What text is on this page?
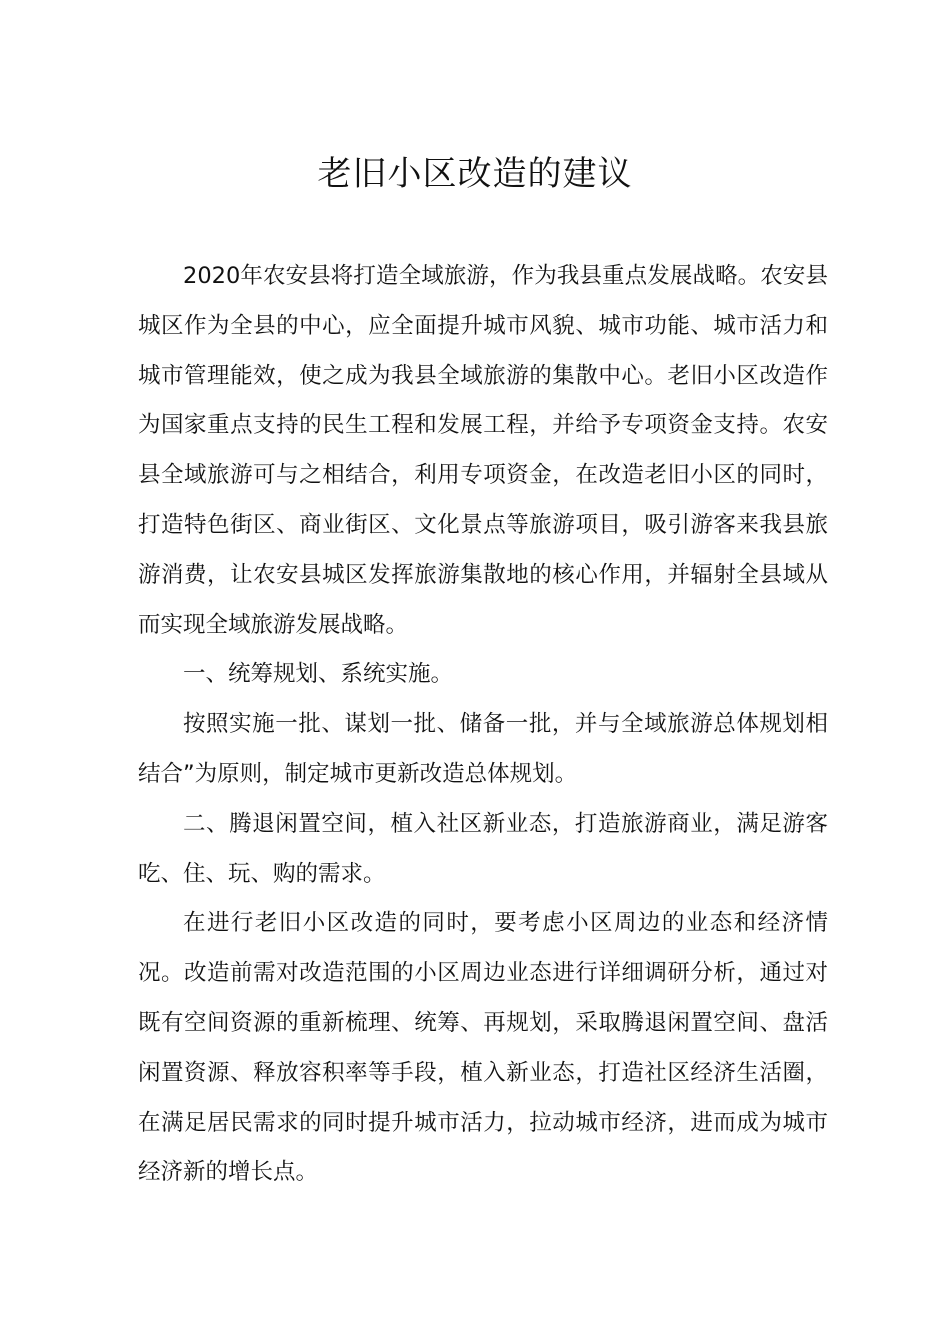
老旧小区改造的建议

2020年农安县将打造全域旅游，作为我县重点发展战略。农安县城区作为全县的中心，应全面提升城市风貌、城市功能、城市活力和城市管理能效，使之成为我县全域旅游的集散中心。老旧小区改造作为国家重点支持的民生工程和发展工程，并给予专项资金支持。农安县全域旅游可与之相结合，利用专项资金，在改造老旧小区的同时，打造特色街区、商业街区、文化景点等旅游项目，吸引游客来我县旅游消费，让农安县城区发挥旅游集散地的核心作用，并辐射全县域从而实现全域旅游发展战略。

一、统筹规划、系统实施。

按照实施一批、谋划一批、储备一批，并与全域旅游总体规划相结合”为原则，制定城市更新改造总体规划。

二、腾退闲置空间，植入社区新业态，打造旅游商业，满足游客吃、住、玩、购的需求。

在进行老旧小区改造的同时，要考虑小区周边的业态和经济情况。改造前需对改造范围的小区周边业态进行详细调研分析，通过对既有空间资源的重新梳理、统筹、再规划，采取腾退闲置空间、盘活闲置资源、释放容积率等手段，植入新业态，打造社区经济生活圈，在满足居民需求的同时提升城市活力，拉动城市经济，进而成为城市经济新的增长点。
